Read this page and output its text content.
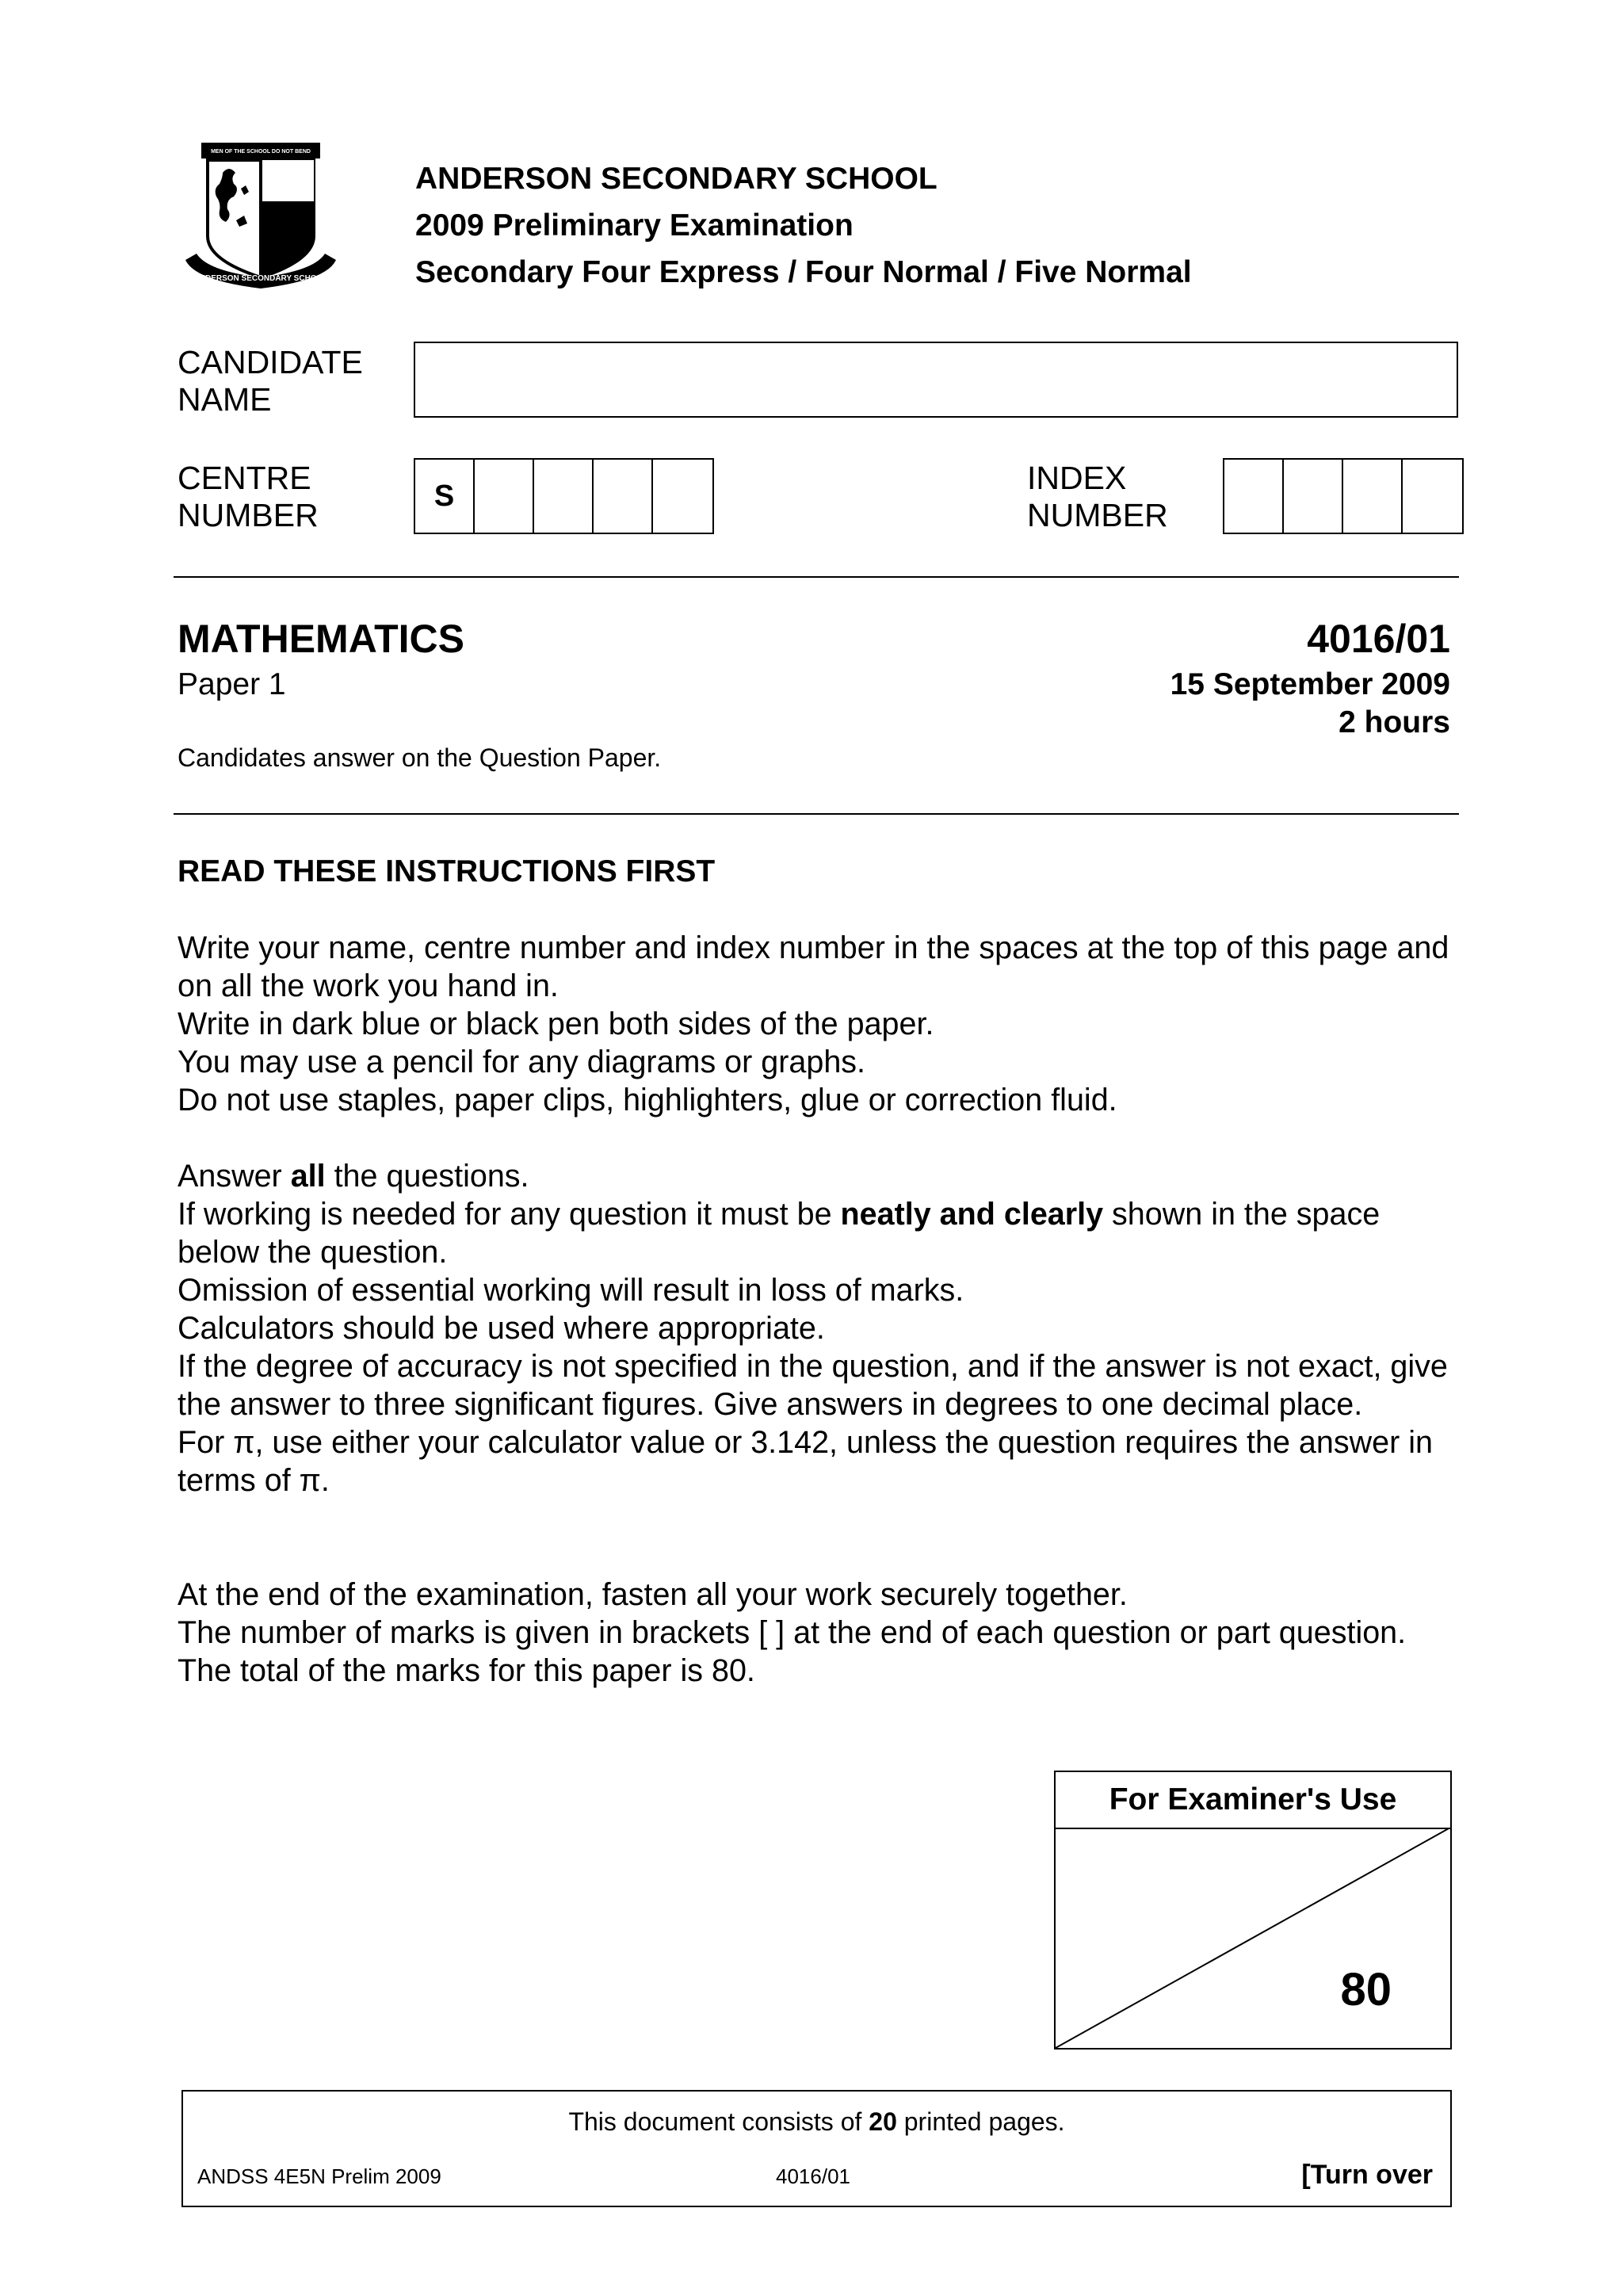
MEN OF THE SCHOOL DO NOT BEND
ANDERSON SECONDARY SCHOOL
ANDERSON SECONDARY SCHOOL
2009 Preliminary Examination
Secondary Four Express / Four Normal / Five Normal
CANDIDATE
NAME
CENTRE
NUMBER
S	INDEX
NUMBER
MATHEMATICS	4016/01
Paper 1	15 September 2009
2 hours
Candidates answer on the Question Paper.
READ THESE INSTRUCTIONS FIRST

Write your name, centre number and index number in the spaces at the top of this page and on all the work you hand in.

Write in dark blue or black pen both sides of the paper.

You may use a pencil for any diagrams or graphs.

Do not use staples, paper clips, highlighters, glue or correction fluid.

Answer all the questions.

If working is needed for any question it must be neatly and clearly shown in the space below the question.

Omission of essential working will result in loss of marks.

Calculators should be used where appropriate.

If the degree of accuracy is not specified in the question, and if the answer is not exact, give the answer to three significant figures. Give answers in degrees to one decimal place.

For π, use either your calculator value or 3.142, unless the question requires the answer in terms of π.

At the end of the examination, fasten all your work securely together.

The number of marks is given in brackets [ ] at the end of each question or part question.

The total of the marks for this paper is 80.

For Examiner's Use
80
This document consists of 20 printed pages.
ANDSS 4E5N Prelim 2009	4016/01	[Turn over
